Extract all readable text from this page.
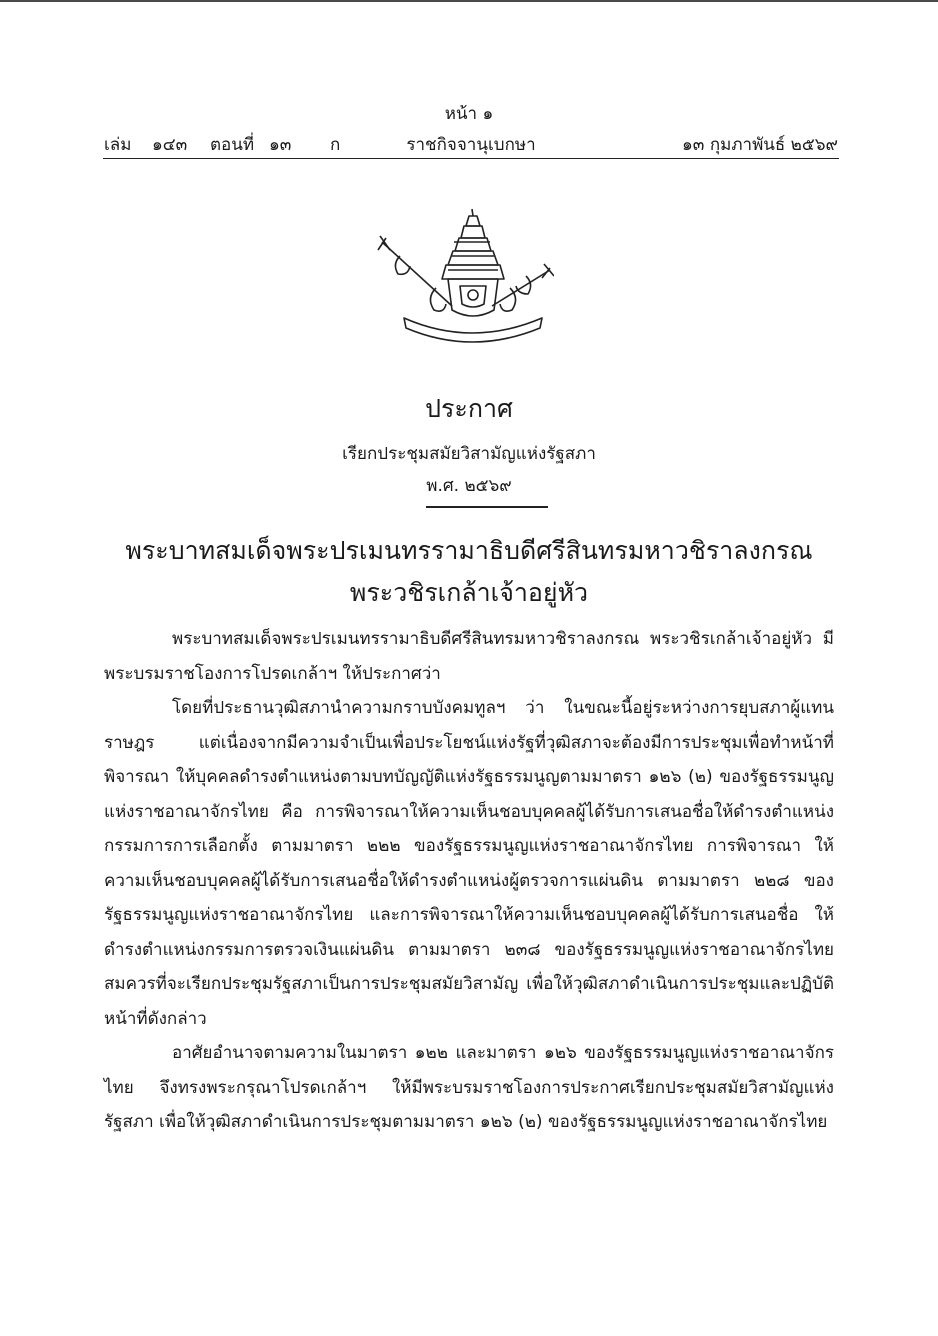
หน้า ๑
เล่ม ๑๔๓ ตอนที่ ๑๓ ก	ราชกิจจานุเบกษา	๑๓ กุมภาพันธ์ ๒๕๖๙
ประกาศ
เรียกประชุมสมัยวิสามัญแห่งรัฐสภา
พ.ศ. ๒๕๖๙
พระบาทสมเด็จพระปรเมนทรรามาธิบดีศรีสินทรมหาวชิราลงกรณ
พระวชิรเกล้าเจ้าอยู่หัว

พระบาทสมเด็จพระปรเมนทรรามาธิบดีศรีสินทรมหาวชิราลงกรณ พระวชิรเกล้าเจ้าอยู่หัว มีพระบรมราชโองการโปรดเกล้าฯ ให้ประกาศว่า

โดยที่ประธานวุฒิสภานำความกราบบังคมทูลฯ ว่า ในขณะนี้อยู่ระหว่างการยุบสภาผู้แทนราษฎร แต่เนื่องจากมีความจำเป็นเพื่อประโยชน์แห่งรัฐที่วุฒิสภาจะต้องมีการประชุมเพื่อทำหน้าที่พิจารณา ให้บุคคลดำรงตำแหน่งตามบทบัญญัติแห่งรัฐธรรมนูญตามมาตรา ๑๒๖ (๒) ของรัฐธรรมนูญ แห่งราชอาณาจักรไทย คือ การพิจารณาให้ความเห็นชอบบุคคลผู้ได้รับการเสนอชื่อให้ดำรงตำแหน่ง กรรมการการเลือกตั้ง ตามมาตรา ๒๒๒ ของรัฐธรรมนูญแห่งราชอาณาจักรไทย การพิจารณา ให้ความเห็นชอบบุคคลผู้ได้รับการเสนอชื่อให้ดำรงตำแหน่งผู้ตรวจการแผ่นดิน ตามมาตรา ๒๒๘ ของรัฐธรรมนูญแห่งราชอาณาจักรไทย และการพิจารณาให้ความเห็นชอบบุคคลผู้ได้รับการเสนอชื่อ ให้ดำรงตำแหน่งกรรมการตรวจเงินแผ่นดิน ตามมาตรา ๒๓๘ ของรัฐธรรมนูญแห่งราชอาณาจักรไทย สมควรที่จะเรียกประชุมรัฐสภาเป็นการประชุมสมัยวิสามัญ เพื่อให้วุฒิสภาดำเนินการประชุมและปฏิบัติ หน้าที่ดังกล่าว

อาศัยอำนาจตามความในมาตรา ๑๒๒ และมาตรา ๑๒๖ ของรัฐธรรมนูญแห่งราชอาณาจักรไทย จึงทรงพระกรุณาโปรดเกล้าฯ ให้มีพระบรมราชโองการประกาศเรียกประชุมสมัยวิสามัญแห่งรัฐสภา เพื่อให้วุฒิสภาดำเนินการประชุมตามมาตรา ๑๒๖ (๒) ของรัฐธรรมนูญแห่งราชอาณาจักรไทย
